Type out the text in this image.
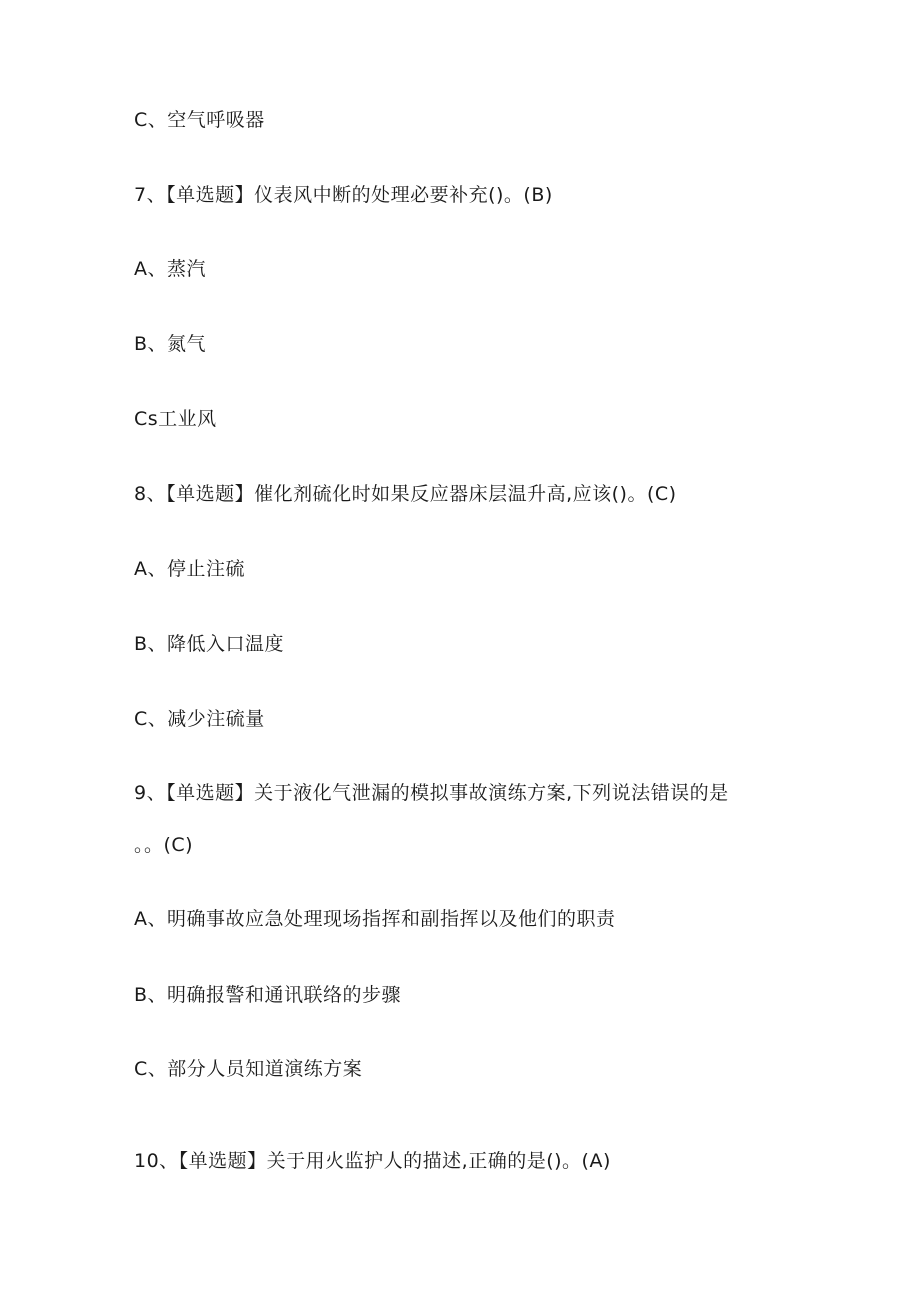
C、空气呼吸器
7、【单选题】仪表风中断的处理必要补充()。(B)
A、蒸汽
B、氮气
Cs工业风
8、【单选题】催化剂硫化时如果反应器床层温升高,应该()。(C)
A、停止注硫
B、降低入口温度
C、减少注硫量
9、【单选题】关于液化气泄漏的模拟事故演练方案,下列说法错误的是
。。(C)
A、明确事故应急处理现场指挥和副指挥以及他们的职责
B、明确报警和通讯联络的步骤
C、部分人员知道演练方案
10、【单选题】关于用火监护人的描述,正确的是()。(A)
